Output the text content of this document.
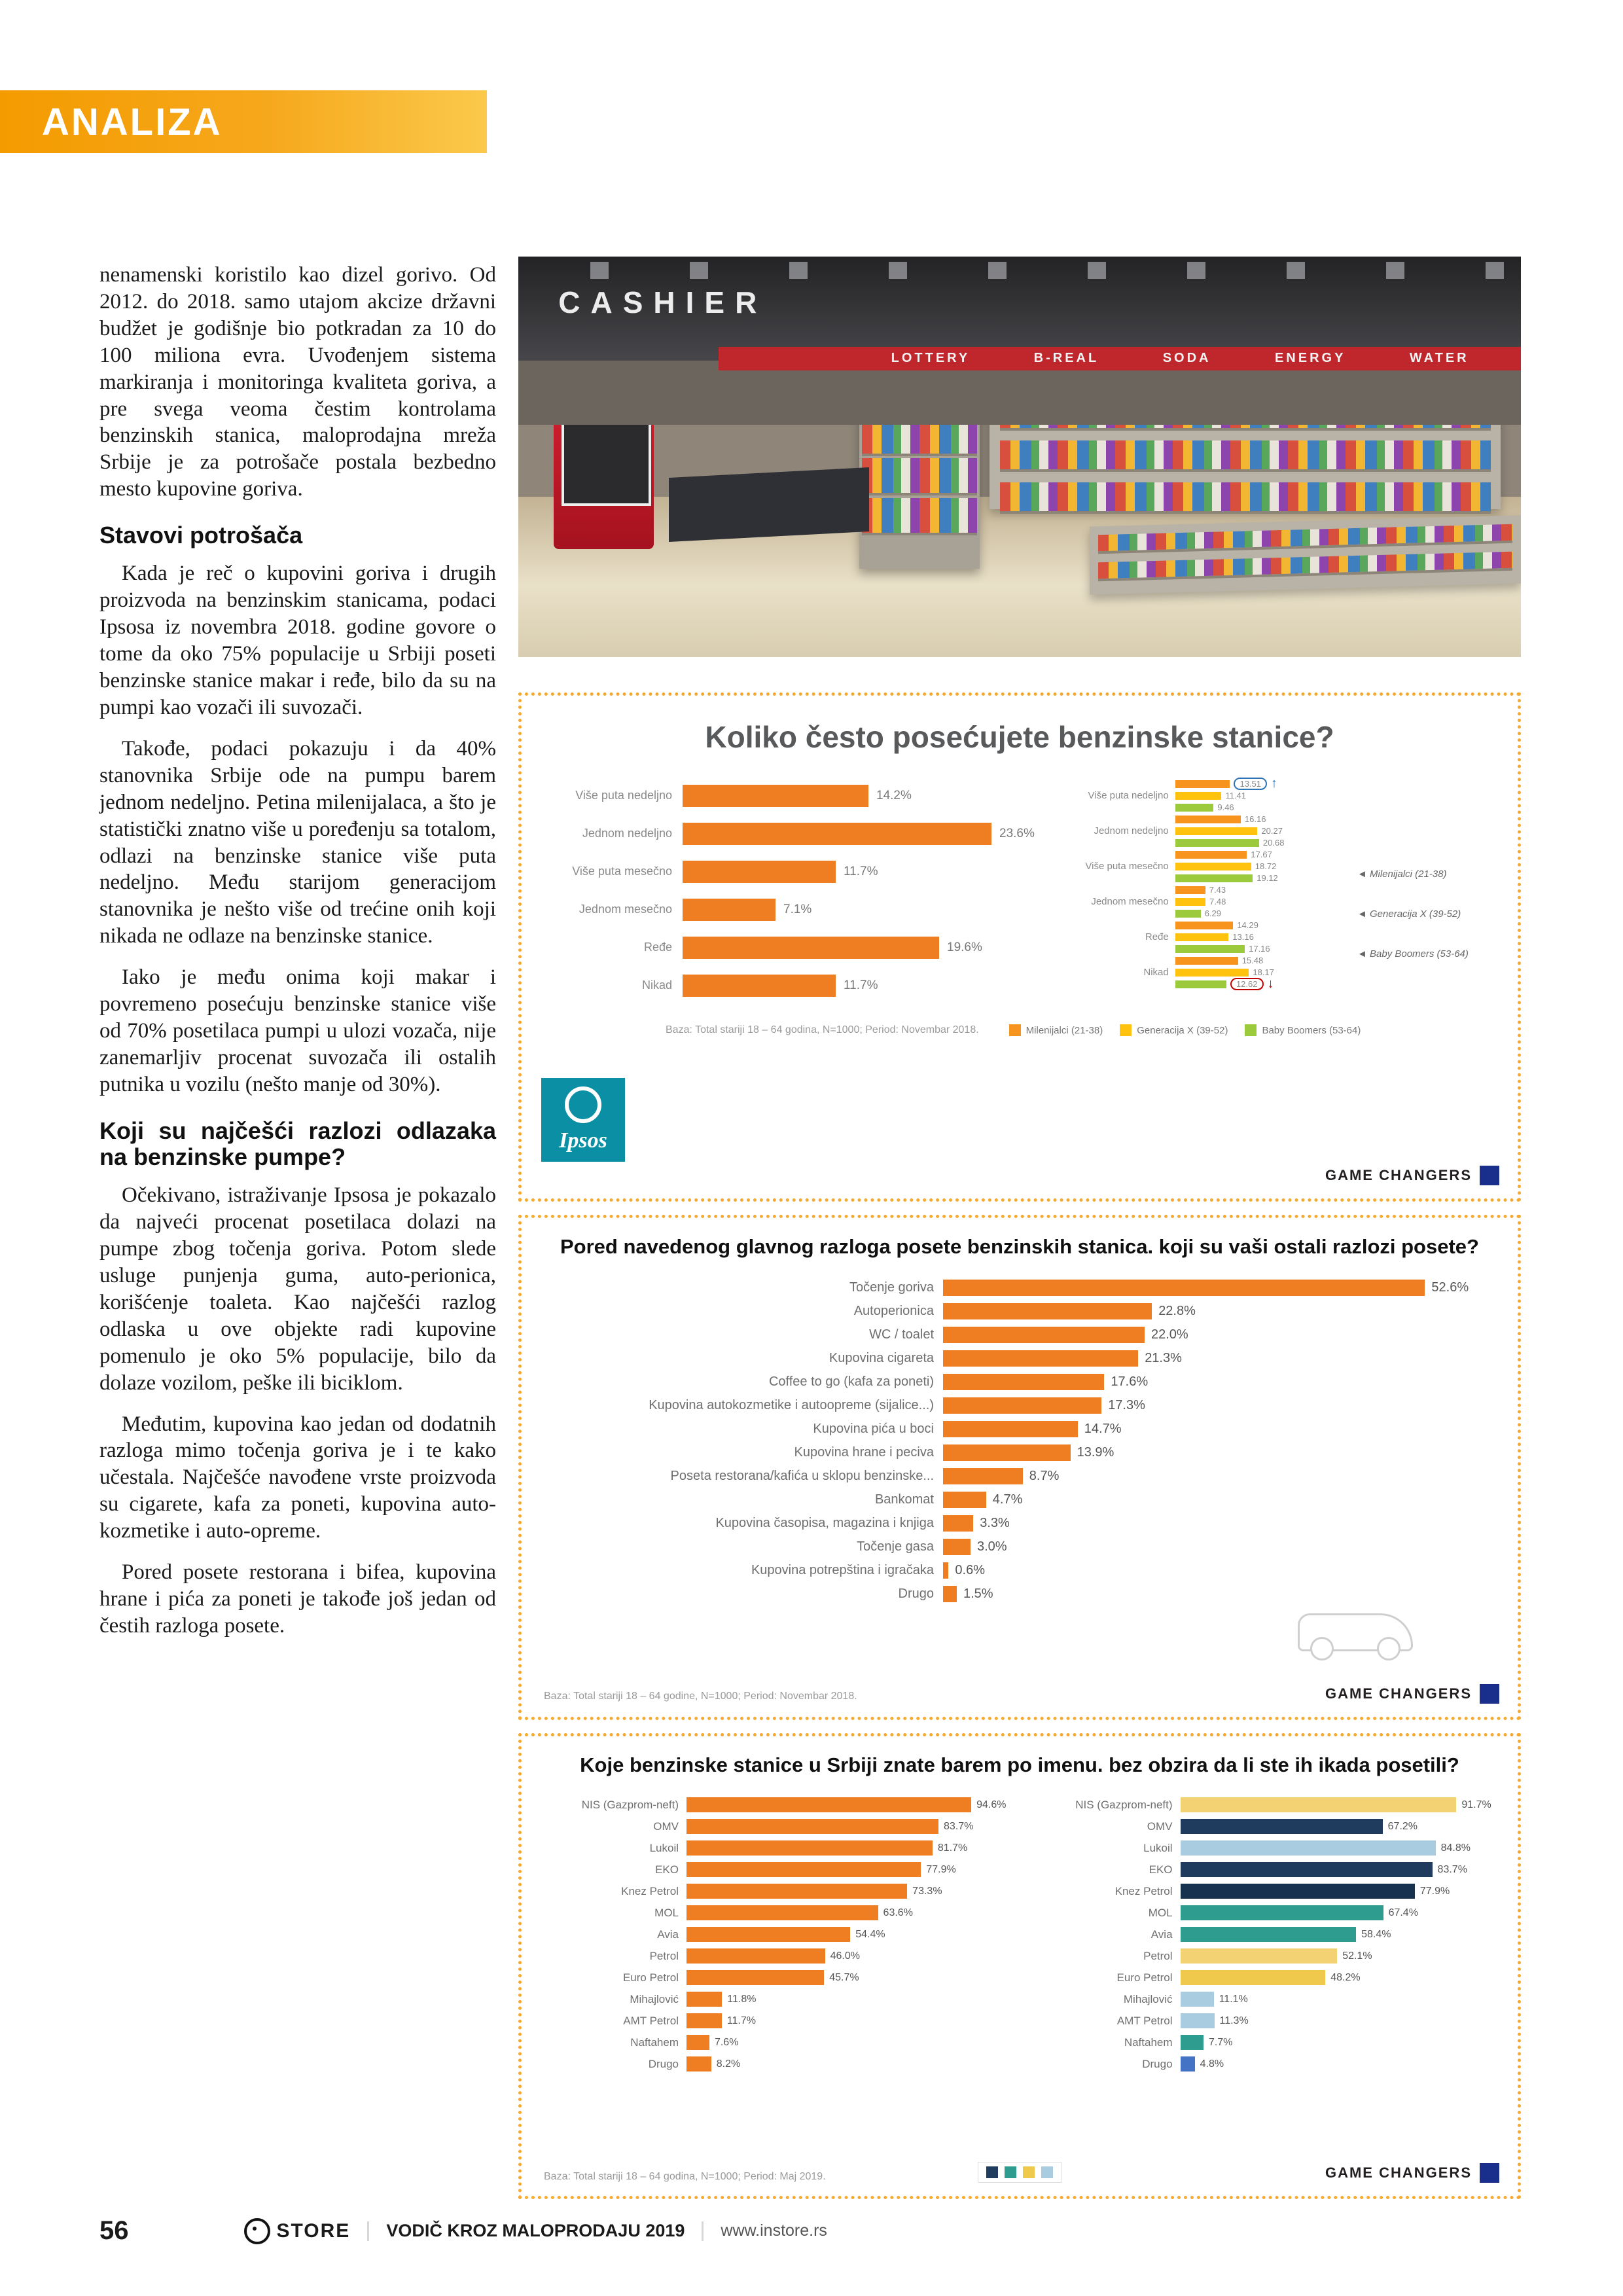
ANALIZA

nenamenski koristilo kao dizel gorivo. Od 2012. do 2018. samo utajom akcize državni budžet je godišnje bio potkradan za 10 do 100 miliona evra. Uvođenjem sistema markiranja i monitoringa kvaliteta goriva, a pre svega veoma čestim kontrolama benzinskih stanica, maloprodajna mreža Srbije je za potrošače postala bezbedno mesto kupovine goriva.

Stavovi potrošača

Kada je reč o kupovini goriva i drugih proizvoda na benzinskim stanicama, podaci Ipsosa iz novembra 2018. godine govore o tome da oko 75% populacije u Srbiji poseti benzinske stanice makar i ređe, bilo da su na pumpi kao vozači ili suvozači.

Takođe, podaci pokazuju i da 40% stanovnika Srbije ode na pumpu barem jednom nedeljno. Petina milenijalaca, a što je statistički znatno više u poređenju sa totalom, odlazi na benzinske stanice više puta nedeljno. Među starijom generacijom stanovnika je nešto više od trećine onih koji nikada ne odlaze na benzinske stanice.

Iako je među onima koji makar i povremeno posećuju benzinske stanice više od 70% posetilaca pumpi u ulozi vozača, nije zanemarljiv procenat suvozača ili ostalih putnika u vozilu (nešto manje od 30%).

Koji su najčešći razlozi odlazaka na benzinske pumpe?

Očekivano, istraživanje Ipsosa je pokazalo da najveći procenat posetilaca dolazi na pumpe zbog točenja goriva. Potom slede usluge punjenja guma, auto-perionica, korišćenje toaleta. Kao najčešći razlog odlaska u ove objekte radi kupovine pomenulo je oko 5% populacije, bilo da dolaze vozilom, peške ili biciklom.

Međutim, kupovina kao jedan od dodatnih razloga mimo točenja goriva je i te kako učestala. Najčešće navođene vrste proizvoda su cigarete, kafa za poneti, kupovina auto-kozmetike i auto-opreme.

Pored posete restorana i bifea, kupovina hrane i pića za poneti je takođe još jedan od čestih razloga posete.

CASHIER
LOTTERY	B-REAL	SODA	ENERGY	WATER
Koliko često posećujete benzinske stanice?
Više puta nedeljno	14.2%
Jednom nedeljno	23.6%
Više puta mesečno	11.7%
Jednom mesečno	7.1%
Ređe	19.6%
Nikad	11.7%
Više puta nedeljno
13.51 ↑
11.41
9.46
Jednom nedeljno
16.16
20.27
20.68
Više puta mesečno
17.67
18.72
19.12
Jednom mesečno
7.43
7.48
6.29
Ređe
14.29
13.16
17.16
Nikad
15.48
18.17
12.62 ↓
◄ Milenijalci (21-38)
◄ Generacija X (39-52)
◄ Baby Boomers (53-64)
Baza: Total stariji 18 – 64 godina, N=1000; Period: Novembar 2018.	Milenijalci (21-38)	Generacija X (39-52)	Baby Boomers (53-64)
Ipsos
GAME CHANGERS
Pored navedenog glavnog razloga posete benzinskih stanica. koji su vaši ostali razlozi posete?
Točenje goriva	52.6%
Autoperionica	22.8%
WC / toalet	22.0%
Kupovina cigareta	21.3%
Coffee to go (kafa za poneti)	17.6%
Kupovina autokozmetike i autoopreme (sijalice...)	17.3%
Kupovina pića u boci	14.7%
Kupovina hrane i peciva	13.9%
Poseta restorana/kafića u sklopu benzinske...	8.7%
Bankomat	4.7%
Kupovina časopisa, magazina i knjiga	3.3%
Točenje gasa	3.0%
Kupovina potrepština i igračaka	0.6%
Drugo	1.5%
Baza: Total stariji 18 – 64 godine, N=1000; Period: Novembar 2018.	GAME CHANGERS
Koje benzinske stanice u Srbiji znate barem po imenu. bez obzira da li ste ih ikada posetili?
NIS (Gazprom-neft)	94.6%
OMV	83.7%
Lukoil	81.7%
EKO	77.9%
Knez Petrol	73.3%
MOL	63.6%
Avia	54.4%
Petrol	46.0%
Euro Petrol	45.7%
Mihajlović	11.8%
AMT Petrol	11.7%
Naftahem	7.6%
Drugo	8.2%
NIS (Gazprom-neft)	91.7%
OMV	67.2%
Lukoil	84.8%
EKO	83.7%
Knez Petrol	77.9%
MOL	67.4%
Avia	58.4%
Petrol	52.1%
Euro Petrol	48.2%
Mihajlović	11.1%
AMT Petrol	11.3%
Naftahem	7.7%
Drugo	4.8%
Baza: Total stariji 18 – 64 godina, N=1000; Period: Maj 2019.	GAME CHANGERS
56	STORE VODIČ KROZ MALOPRODAJU 2019 www.instore.rs
